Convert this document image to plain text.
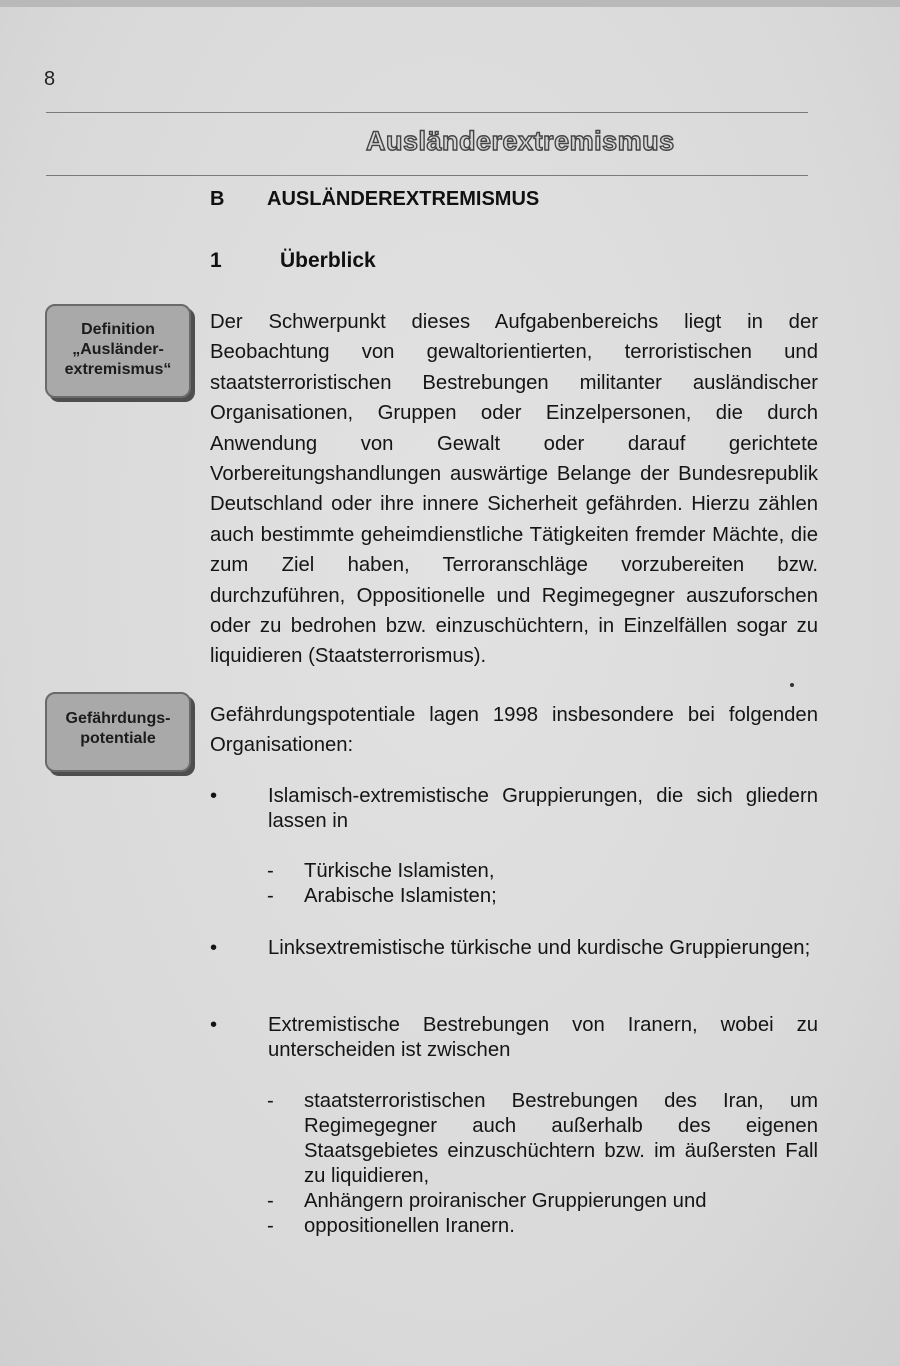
8
Ausländerextremismus
B	AUSLÄNDEREXTREMISMUS
1	Überblick
Definition
„Ausländer-
extremismus“
Der Schwerpunkt dieses Aufgabenbereichs liegt in der Beobachtung von gewaltorientierten, terroristischen und staatsterroristischen Bestrebungen militanter ausländischer Organisationen, Gruppen oder Einzelpersonen, die durch Anwendung von Gewalt oder darauf gerichtete Vorbereitungshandlungen auswärtige Belange der Bundesrepublik Deutschland oder ihre innere Sicherheit gefährden. Hierzu zählen auch bestimmte geheimdienstliche Tätigkeiten fremder Mächte, die zum Ziel haben, Terroranschläge vorzubereiten bzw. durchzuführen, Oppositionelle und Regimegegner auszuforschen oder zu bedrohen bzw. einzuschüchtern, in Einzelfällen sogar zu liquidieren (Staatsterrorismus).
Gefährdungs-
potentiale
Gefährdungspotentiale lagen 1998 insbesondere bei folgenden Organisationen:
•	Islamisch-extremistische Gruppierungen, die sich gliedern lassen in
- Türkische Islamisten,
- Arabische Islamisten;
•	Linksextremistische türkische und kurdische Gruppierungen;
•	Extremistische Bestrebungen von Iranern, wobei zu unterscheiden ist zwischen
- staatsterroristischen Bestrebungen des Iran, um Regimegegner auch außerhalb des eigenen Staatsgebietes einzuschüchtern bzw. im äußersten Fall zu liquidieren,
- Anhängern proiranischer Gruppierungen und
- oppositionellen Iranern.
